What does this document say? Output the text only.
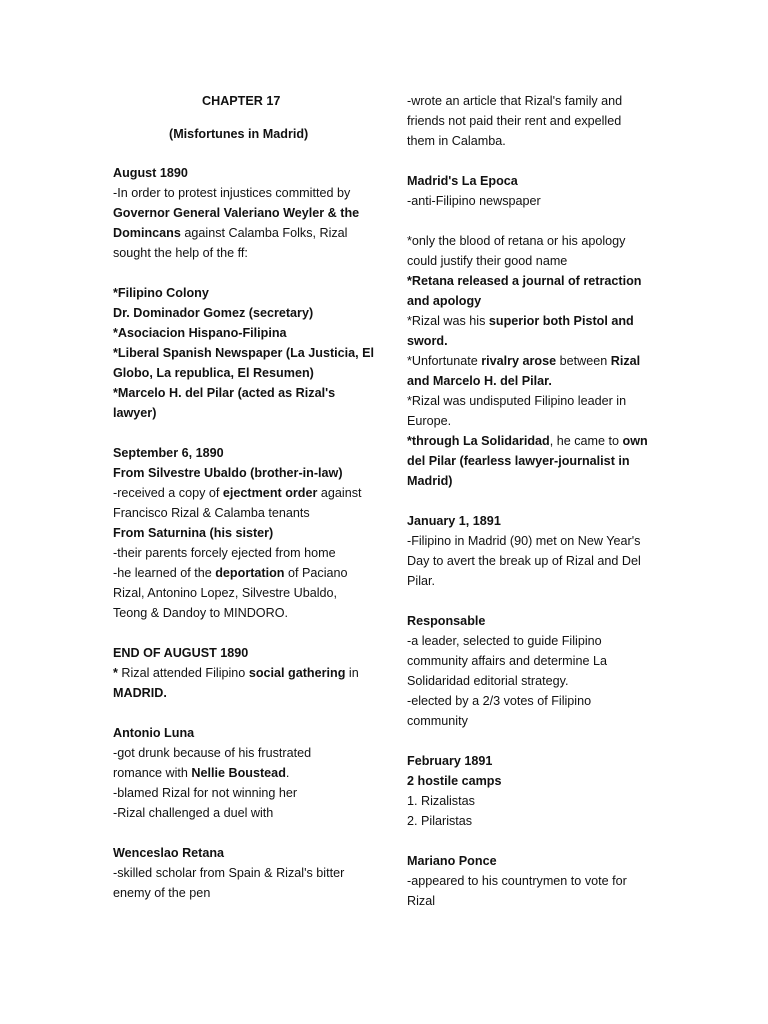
CHAPTER 17
(Misfortunes in Madrid)
August 1890
-In order to protest injustices committed by
Governor General Valeriano Weyler & the
Domincans against Calamba Folks, Rizal
sought the help of the ff:
*Filipino Colony
Dr. Dominador Gomez (secretary)
*Asociacion Hispano-Filipina
*Liberal Spanish Newspaper (La Justicia, El
Globo, La republica, El Resumen)
*Marcelo H. del Pilar (acted as Rizal's
lawyer)
September 6, 1890
From Silvestre Ubaldo (brother-in-law)
-received a copy of ejectment order against
Francisco Rizal & Calamba tenants
From Saturnina (his sister)
-their parents forcely ejected from home
-he learned of the deportation of Paciano
Rizal, Antonino Lopez, Silvestre Ubaldo,
Teong & Dandoy to MINDORO.
END OF AUGUST 1890
* Rizal attended Filipino social gathering in
MADRID.
Antonio Luna
-got drunk because of his frustrated
romance with Nellie Boustead.
-blamed Rizal for not winning her
-Rizal challenged a duel with
Wenceslao Retana
-skilled scholar from Spain & Rizal's bitter
enemy of the pen
-wrote an article that Rizal's family and
friends not paid their rent and expelled
them in Calamba.
Madrid's La Epoca
-anti-Filipino newspaper
*only the blood of retana or his apology
could justify their good name
*Retana released a journal of retraction
and apology
*Rizal was his superior both Pistol and
sword.
*Unfortunate rivalry arose between Rizal
and Marcelo H. del Pilar.
*Rizal was undisputed Filipino leader in
Europe.
*through La Solidaridad, he came to own
del Pilar (fearless lawyer-journalist in
Madrid)
January 1, 1891
-Filipino in Madrid (90) met on New Year's
Day to avert the break up of Rizal and Del
Pilar.
Responsable
-a leader, selected to guide Filipino
community affairs and determine La
Solidaridad editorial strategy.
-elected by a 2/3 votes of Filipino
community
February 1891
2 hostile camps
1. Rizalistas
2. Pilaristas
Mariano Ponce
-appeared to his countrymen to vote for
Rizal
